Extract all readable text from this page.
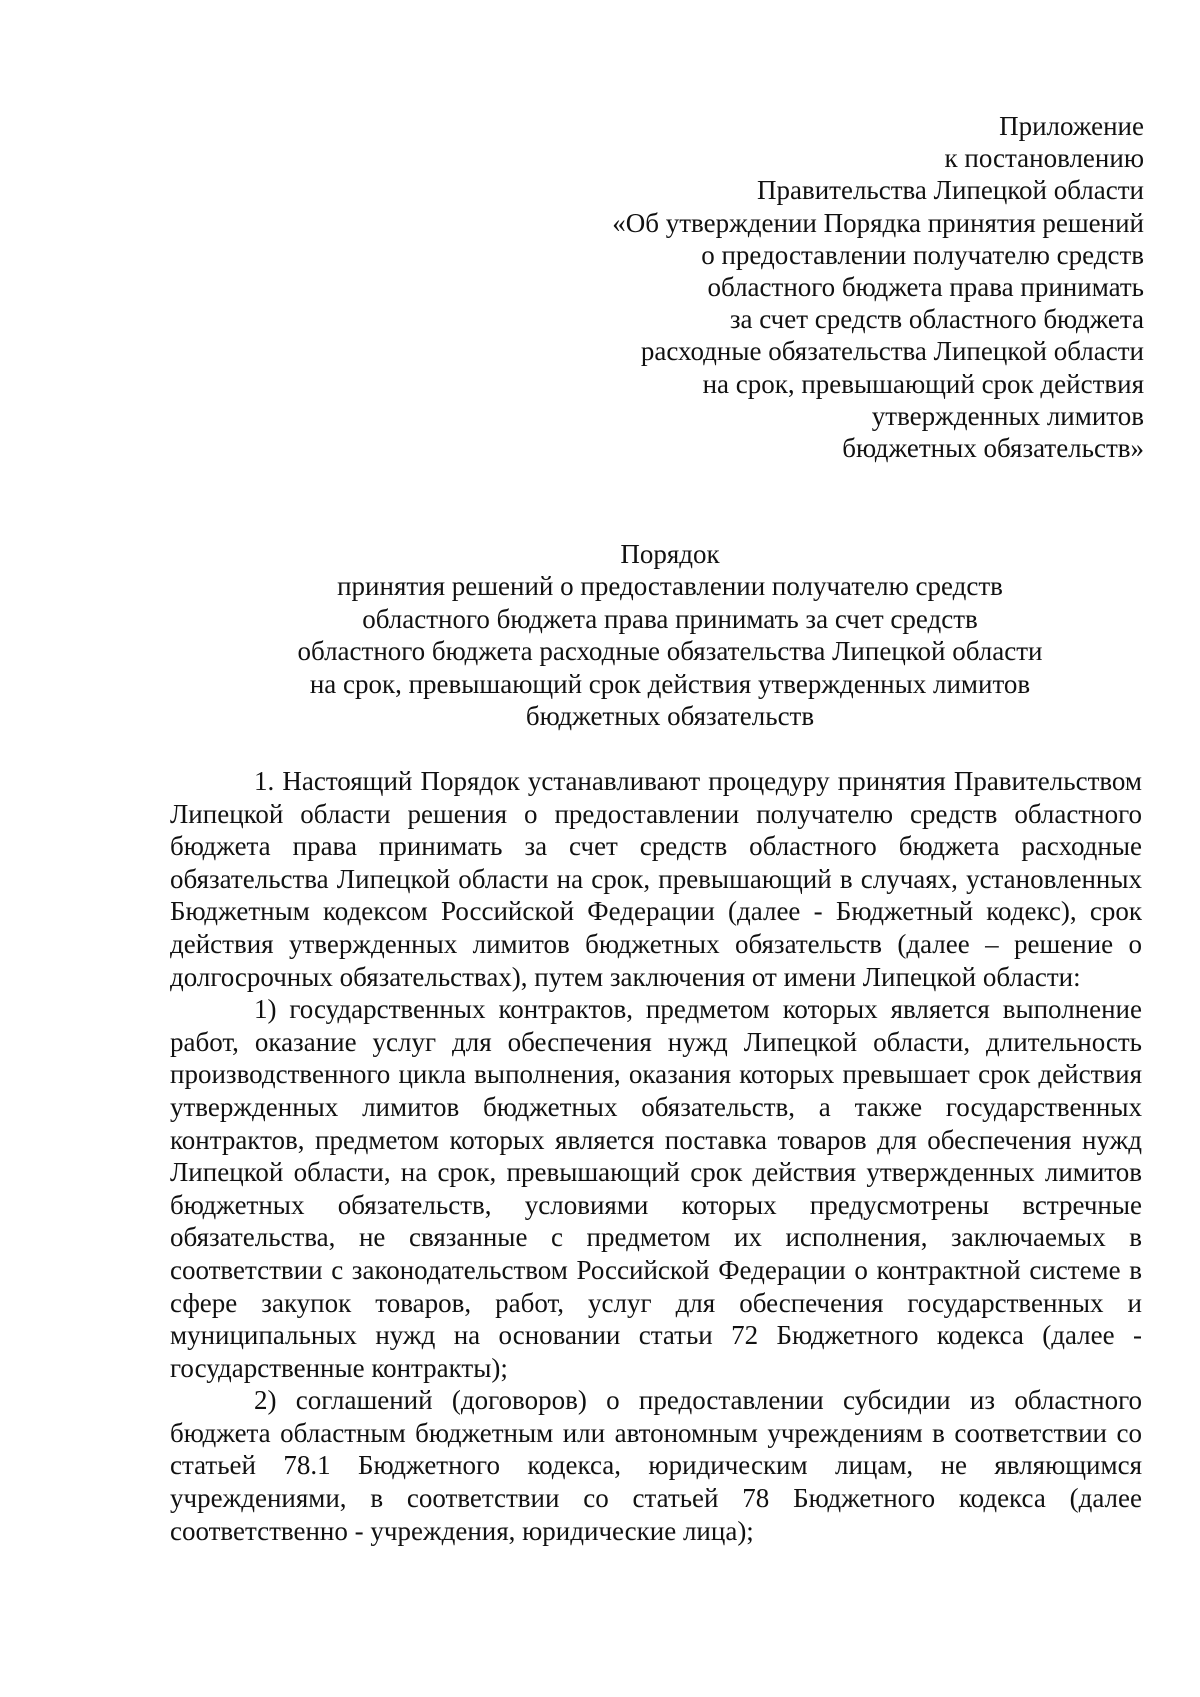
Приложение
к постановлению
Правительства Липецкой области
«Об утверждении Порядка принятия решений
о предоставлении получателю средств
областного бюджета права принимать
за счет средств областного бюджета
расходные обязательства Липецкой области
на срок, превышающий срок действия
утвержденных лимитов
бюджетных обязательств»
Порядок
принятия решений о предоставлении получателю средств
областного бюджета права принимать за счет средств
областного бюджета расходные обязательства Липецкой области
на срок, превышающий срок действия утвержденных лимитов
бюджетных обязательств

1. Настоящий Порядок устанавливают процедуру принятия Правительством Липецкой области решения о предоставлении получателю средств областного бюджета права принимать за счет средств областного бюджета расходные обязательства Липецкой области на срок, превышающий в случаях, установленных Бюджетным кодексом Российской Федерации (далее - Бюджетный кодекс), срок действия утвержденных лимитов бюджетных обязательств (далее – решение о долгосрочных обязательствах), путем заключения от имени Липецкой области:

1) государственных контрактов, предметом которых является выполнение работ, оказание услуг для обеспечения нужд Липецкой области, длительность производственного цикла выполнения, оказания которых превышает срок действия утвержденных лимитов бюджетных обязательств, а также государственных контрактов, предметом которых является поставка товаров для обеспечения нужд Липецкой области, на срок, превышающий срок действия утвержденных лимитов бюджетных обязательств, условиями которых предусмотрены встречные обязательства, не связанные с предметом их исполнения, заключаемых в соответствии с законодательством Российской Федерации о контрактной системе в сфере закупок товаров, работ, услуг для обеспечения государственных и муниципальных нужд на основании статьи 72 Бюджетного кодекса (далее - государственные контракты);

2) соглашений (договоров) о предоставлении субсидии из областного бюджета областным бюджетным или автономным учреждениям в соответствии со статьей 78.1 Бюджетного кодекса, юридическим лицам, не являющимся учреждениями, в соответствии со статьей 78 Бюджетного кодекса (далее соответственно - учреждения, юридические лица);
